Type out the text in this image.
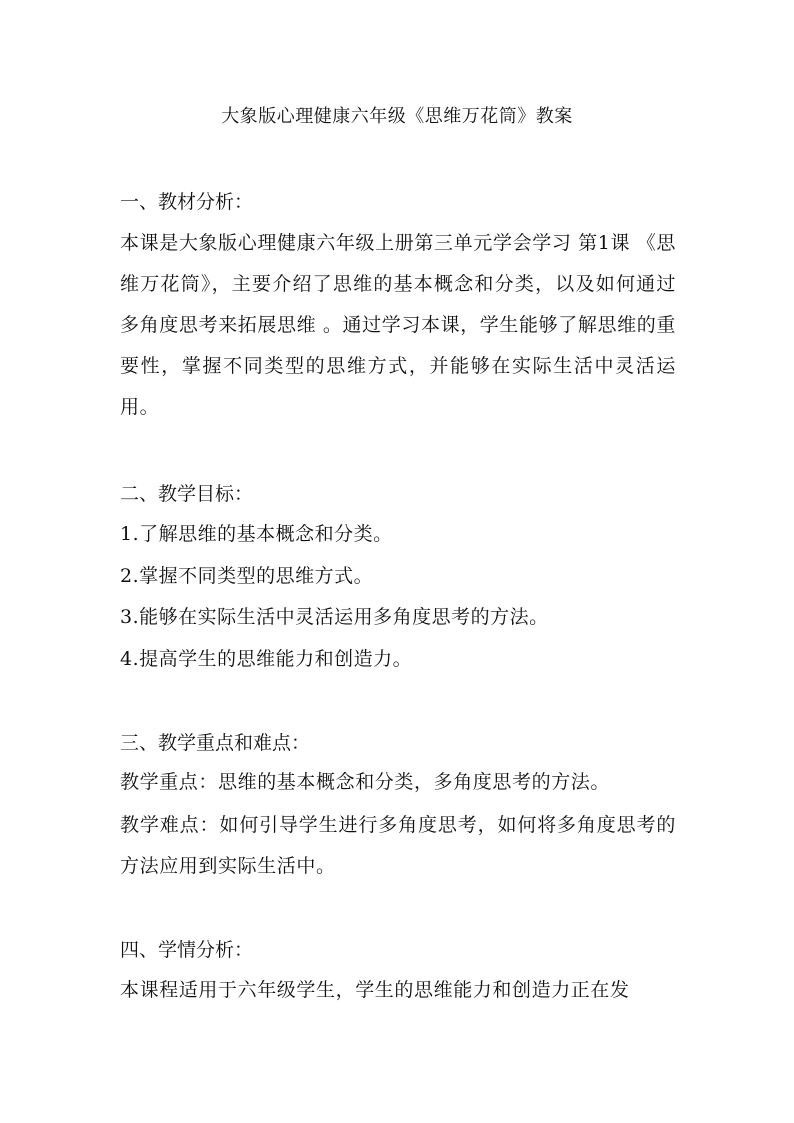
大象版心理健康六年级《思维万花筒》教案
一、教材分析：

本课是大象版心理健康六年级上册第三单元学会学习 第1课 《思维万花筒》，主要介绍了思维的基本概念和分类，以及如何通过多角度思考来拓展思维 。通过学习本课，学生能够了解思维的重要性，掌握不同类型的思维方式，并能够在实际生活中灵活运用。

二、教学目标：

1.了解思维的基本概念和分类。

2.掌握不同类型的思维方式。

3.能够在实际生活中灵活运用多角度思考的方法。

4.提高学生的思维能力和创造力。

三、教学重点和难点：

教学重点：思维的基本概念和分类，多角度思考的方法。

教学难点：如何引导学生进行多角度思考，如何将多角度思考的方法应用到实际生活中。

四、学情分析：

本课程适用于六年级学生，学生的思维能力和创造力正在发
